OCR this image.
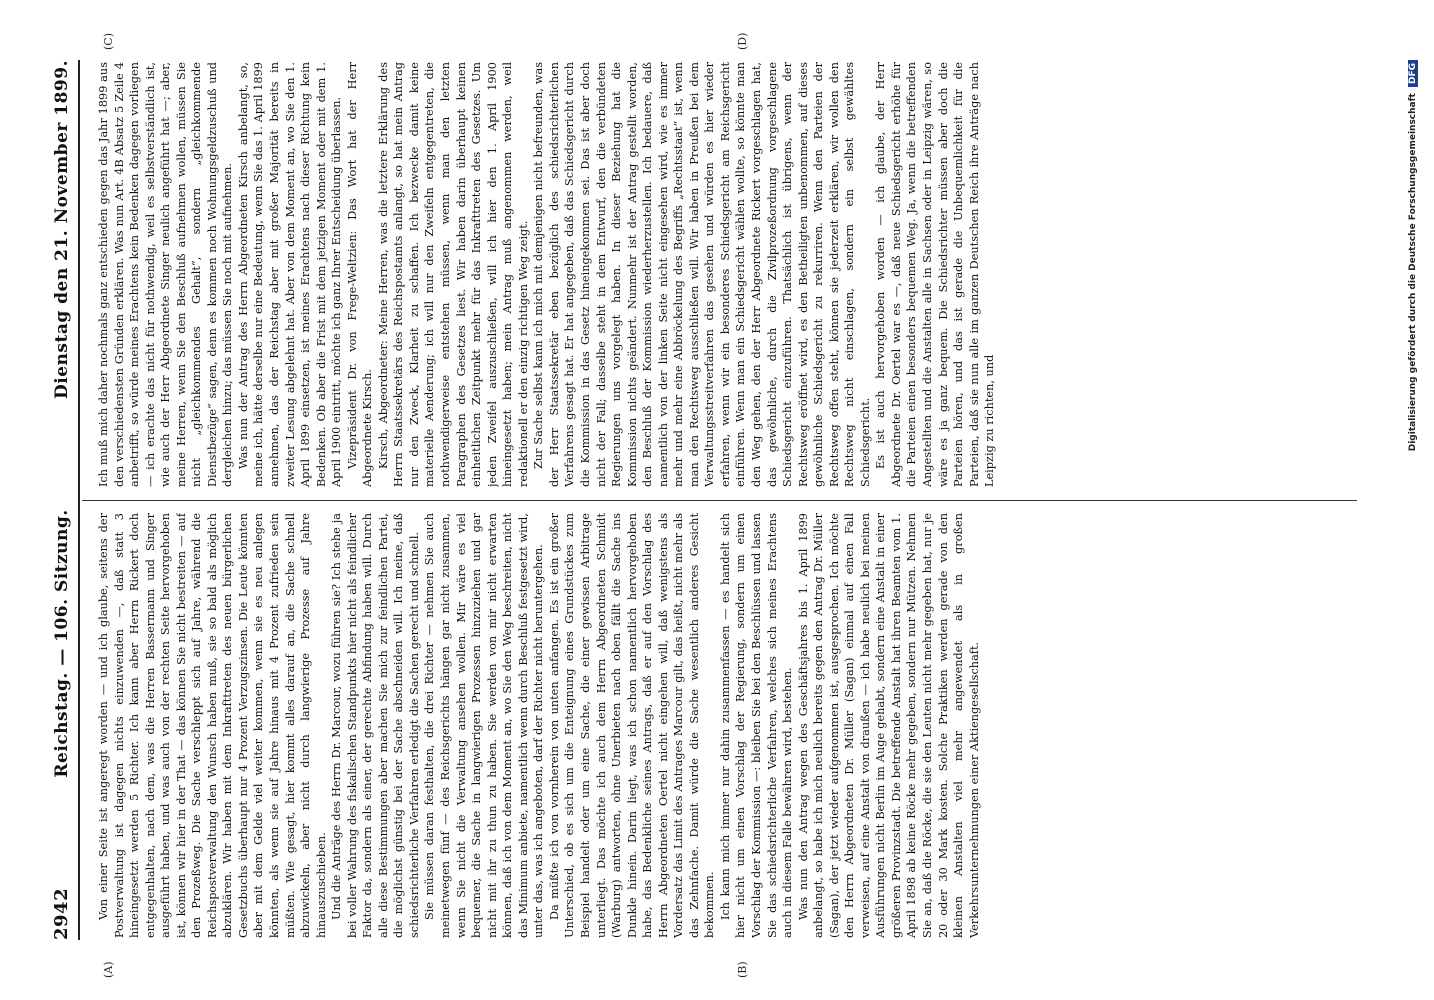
2942
Reichstag. — 106. Sitzung.
Dienstag den 21. November 1899.
(A)	(B)
(C)	(D)

Von einer Seite ist angeregt worden — und ich glaube, seitens der Postverwaltung ist dagegen nichts einzuwenden —, daß statt 3 hineingesetzt werden 5 Richter. Ich kann aber Herrn Rickert doch entgegenhalten, nach dem, was die Herren Bassermann und Singer ausgeführt haben, und was auch von der rechten Seite hervorgehoben ist, können wir hier in der That — das können Sie nicht bestreiten — auf den Prozeßweg. Die Sache verschleppt sich auf Jahre, während die Reichspostverwaltung den Wunsch haben muß, sie so bald als möglich abzuklären. Wir haben mit dem Inkrafttreten des neuen bürgerlichen Gesetzbuchs überhaupt nur 4 Prozent Verzugszinsen. Die Leute könnten aber mit dem Gelde viel weiter kommen, wenn sie es neu anlegen könnten, als wenn sie auf Jahre hinaus mit 4 Prozent zufrieden sein müßten. Wie gesagt, hier kommt alles darauf an, die Sache schnell abzuwickeln, aber nicht durch langwierige Prozesse auf Jahre hinauszuschieben. Und die Anträge des Herrn Dr. Marcour, wozu führen sie? Ich stehe ja bei voller Wahrung des fiskalischen Standpunkts hier nicht als feindlicher Faktor da, sondern als einer, der gerechte Abfindung haben will. Durch alle diese Bestimmungen aber machen Sie mich zur feindlichen Partei, die möglichst günstig bei der Sache abschneiden will. Ich meine, daß schiedsrichterliche Verfahren erledigt die Sachen gerecht und schnell. Sie müssen daran festhalten, die drei Richter — nehmen Sie auch meinetwegen fünf — des Reichsgerichts hängen gar nicht zusammen, wenn Sie nicht die Verwaltung ansehen wollen. Mir wäre es viel bequemer, die Sache in langwierigen Prozessen hinzuziehen und gar nicht mit ihr zu thun zu haben. Sie werden von mir nicht erwarten können, daß ich von dem Moment an, wo Sie den Weg beschreiten, nicht das Minimum anbiete, namentlich wenn durch Beschluß festgesetzt wird, unter das, was ich angeboten, darf der Richter nicht heruntergehen. Da müßte ich von vornherein von unten anfangen. Es ist ein großer Unterschied, ob es sich um die Enteignung eines Grundstückes zum Beispiel handelt oder um eine Sache, die einer gewissen Arbitrage unterliegt. Das möchte ich auch dem Herrn Abgeordneten Schmidt (Warburg) antworten, ohne Unerbieten nach oben fällt die Sache ins Dunkle hinein. Darin liegt, was ich schon namentlich hervorgehoben habe, das Bedenkliche seines Antrags, daß er auf den Vorschlag des Herrn Abgeordneten Oertel nicht eingehen will, daß wenigstens als Vordersatz das Limit des Antrages Marcour gilt, das heißt, nicht mehr als das Zehnfache. Damit würde die Sache wesentlich anderes Gesicht bekommen. Ich kann mich immer nur dahin zusammenfassen — es handelt sich hier nicht um einen Vorschlag der Regierung, sondern um einen Vorschlag der Kommission —: bleiben Sie bei den Beschlüssen und lassen Sie das schiedsrichterliche Verfahren, welches sich meines Erachtens auch in diesem Falle bewähren wird, bestehen. Was nun den Antrag wegen des Geschäftsjahres bis 1. April 1899 anbelangt, so habe ich mich neulich bereits gegen den Antrag Dr. Müller (Sagan), der jetzt wieder aufgenommen ist, ausgesprochen. Ich möchte den Herrn Abgeordneten Dr. Müller (Sagan) einmal auf einen Fall verweisen, auf eine Anstalt von draußen — ich habe neulich bei meinen Ausführungen nicht Berlin im Auge gehabt, sondern eine Anstalt in einer größeren Provinzstadt. Die betreffende Anstalt hat ihren Beamten vom 1. April 1898 ab keine Röcke mehr gegeben, sondern nur Mützen. Nehmen Sie an, daß die Röcke, die sie den Leuten nicht mehr gegeben hat, nur je 20 oder 30 Mark kosten. Solche Praktiken werden gerade von den kleinen Anstalten viel mehr angewendet als in großen Verkehrsunternehmungen einer Aktiengesellschaft.

Ich muß mich daher nochmals ganz entschieden gegen das Jahr 1899 aus den verschiedensten Gründen erklären. Was nun Art. 4B Absatz 5 Zeile 4 anbetrifft, so würde meines Erachtens kein Bedenken dagegen vorliegen — ich erachte das nicht für nothwendig, weil es selbstverständlich ist, wie auch der Herr Abgeordnete Singer neulich angeführt hat —; aber, meine Herren, wenn Sie den Beschluß aufnehmen wollen, müssen Sie nicht „gleichkommendes Gehalt“, sondern „gleichkommende Dienstbezüge“ sagen, denn es kommen noch Wohnungsgeldzuschuß und dergleichen hinzu; das müssen Sie noch mit aufnehmen. Was nun der Antrag des Herrn Abgeordneten Kirsch anbelangt, so, meine ich, hätte derselbe nur eine Bedeutung, wenn Sie das 1. April 1899 annehmen, das der Reichstag aber mit großer Majorität bereits in zweiter Lesung abgelehnt hat. Aber von dem Moment an, wo Sie den 1. April 1899 einsetzen, ist meines Erachtens nach dieser Richtung kein Bedenken. Ob aber die Frist mit dem jetzigen Moment oder mit dem 1. April 1900 eintritt, möchte ich ganz Ihrer Entscheidung überlassen. Vizepräsident Dr. von Frege-Weltzien: Das Wort hat der Herr Abgeordnete Kirsch. Kirsch, Abgeordneter: Meine Herren, was die letztere Erklärung des Herrn Staatssekretärs des Reichspostamts anlangt, so hat mein Antrag nur den Zweck, Klarheit zu schaffen. Ich bezwecke damit keine materielle Aenderung; ich will nur den Zweifeln entgegentreten, die nothwendigerweise entstehen müssen, wenn man den letzten Paragraphen des Gesetzes liest. Wir haben darin überhaupt keinen einheitlichen Zeitpunkt mehr für das Inkrafttreten des Gesetzes. Um jeden Zweifel auszuschließen, will ich hier den 1. April 1900 hineingesetzt haben; mein Antrag muß angenommen werden, weil redaktionell er den einzig richtigen Weg zeigt. Zur Sache selbst kann ich mich mit demjenigen nicht befreunden, was der Herr Staatssekretär eben bezüglich des schiedsrichterlichen Verfahrens gesagt hat. Er hat angegeben, daß das Schiedsgericht durch die Kommission in das Gesetz hineingekommen sei. Das ist aber doch nicht der Fall; dasselbe steht in dem Entwurf, den die verbündeten Regierungen uns vorgelegt haben. In dieser Beziehung hat die Kommission nichts geändert. Nunmehr ist der Antrag gestellt worden, den Beschluß der Kommission wiederherzustellen. Ich bedauere, daß namentlich von der linken Seite nicht eingesehen wird, wie es immer mehr und mehr eine Abbröckelung des Begriffs „Rechtsstaat“ ist, wenn man den Rechtsweg ausschließen will. Wir haben in Preußen bei dem Verwaltungsstreitverfahren das gesehen und würden es hier wieder erfahren, wenn wir ein besonderes Schiedsgericht am Reichsgericht einführen. Wenn man ein Schiedsgericht wählen wollte, so könnte man den Weg gehen, den der Herr Abgeordnete Rickert vorgeschlagen hat, das gewöhnliche, durch die Zivilprozeßordnung vorgeschlagene Schiedsgericht einzuführen. Thatsächlich ist übrigens, wenn der Rechtsweg eröffnet wird, es den Betheiligten unbenommen, auf dieses gewöhnliche Schiedsgericht zu rekurriren. Wenn den Parteien der Rechtsweg offen steht, können sie jederzeit erklären, wir wollen den Rechtsweg nicht einschlagen, sondern ein selbst gewähltes Schiedsgericht. Es ist auch hervorgehoben worden — ich glaube, der Herr Abgeordnete Dr. Oertel war es —, daß neue Schiedsgericht erhöhe für die Parteien einen besonders bequemen Weg. Ja, wenn die betreffenden Angestellten und die Anstalten alle in Sachsen oder in Leipzig wären, so wäre es ja ganz bequem. Die Schiedsrichter müssen aber doch die Parteien hören, und das ist gerade die Unbequemlichkeit für die Parteien, daß sie nun alle im ganzen Deutschen Reich ihre Anträge nach Leipzig zu richten, und	Digitalisierung gefördert durch die Deutsche Forschungsgemeinschaft DFG
